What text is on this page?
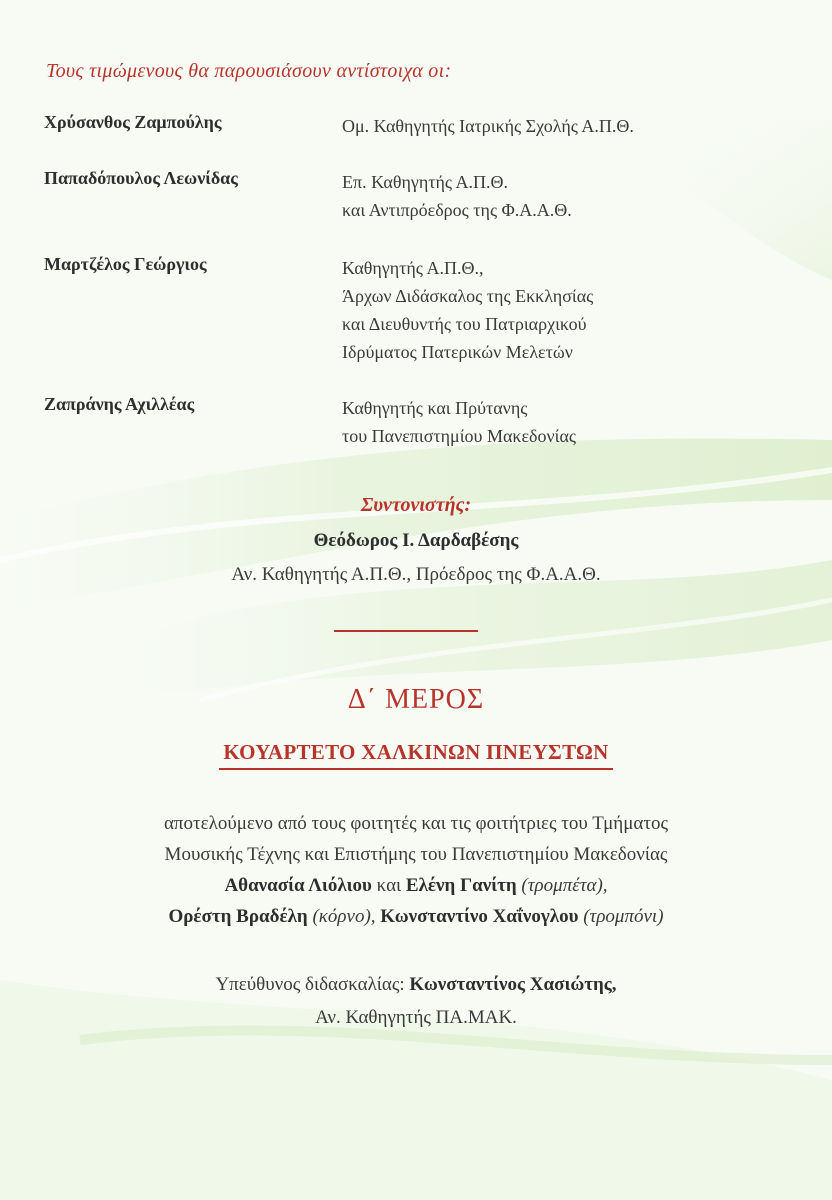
Τους τιμώμενους θα παρουσιάσουν αντίστοιχα οι:
Χρύσανθος Ζαμπούλης	Ομ. Καθηγητής Ιατρικής Σχολής Α.Π.Θ.
Παπαδόπουλος Λεωνίδας	Επ. Καθηγητής Α.Π.Θ.
και Αντιπρόεδρος της Φ.Α.Α.Θ.
Μαρτζέλος Γεώργιος	Καθηγητής Α.Π.Θ.,
Άρχων Διδάσκαλος της Εκκλησίας
και Διευθυντής του Πατριαρχικού
Ιδρύματος Πατερικών Μελετών
Ζαπράνης Αχιλλέας	Καθηγητής και Πρύτανης
του Πανεπιστημίου Μακεδονίας
Συντονιστής:
Θεόδωρος Ι. Δαρδαβέσης
Αν. Καθηγητής Α.Π.Θ., Πρόεδρος της Φ.Α.Α.Θ.
Δ΄ ΜΕΡΟΣ
ΚΟΥΑΡΤΕΤΟ ΧΑΛΚΙΝΩΝ ΠΝΕΥΣΤΩΝ
αποτελούμενο από τους φοιτητές και τις φοιτήτριες του Τμήματος
Μουσικής Τέχνης και Επιστήμης του Πανεπιστημίου Μακεδονίας
Αθανασία Λιόλιου και Ελένη Γανίτη (τρομπέτα),
Ορέστη Βραδέλη (κόρνο), Κωνσταντίνο Χαΐνογλου (τρομπόνι)
Υπεύθυνος διδασκαλίας: Κωνσταντίνος Χασιώτης,
Αν. Καθηγητής ΠΑ.ΜΑΚ.
